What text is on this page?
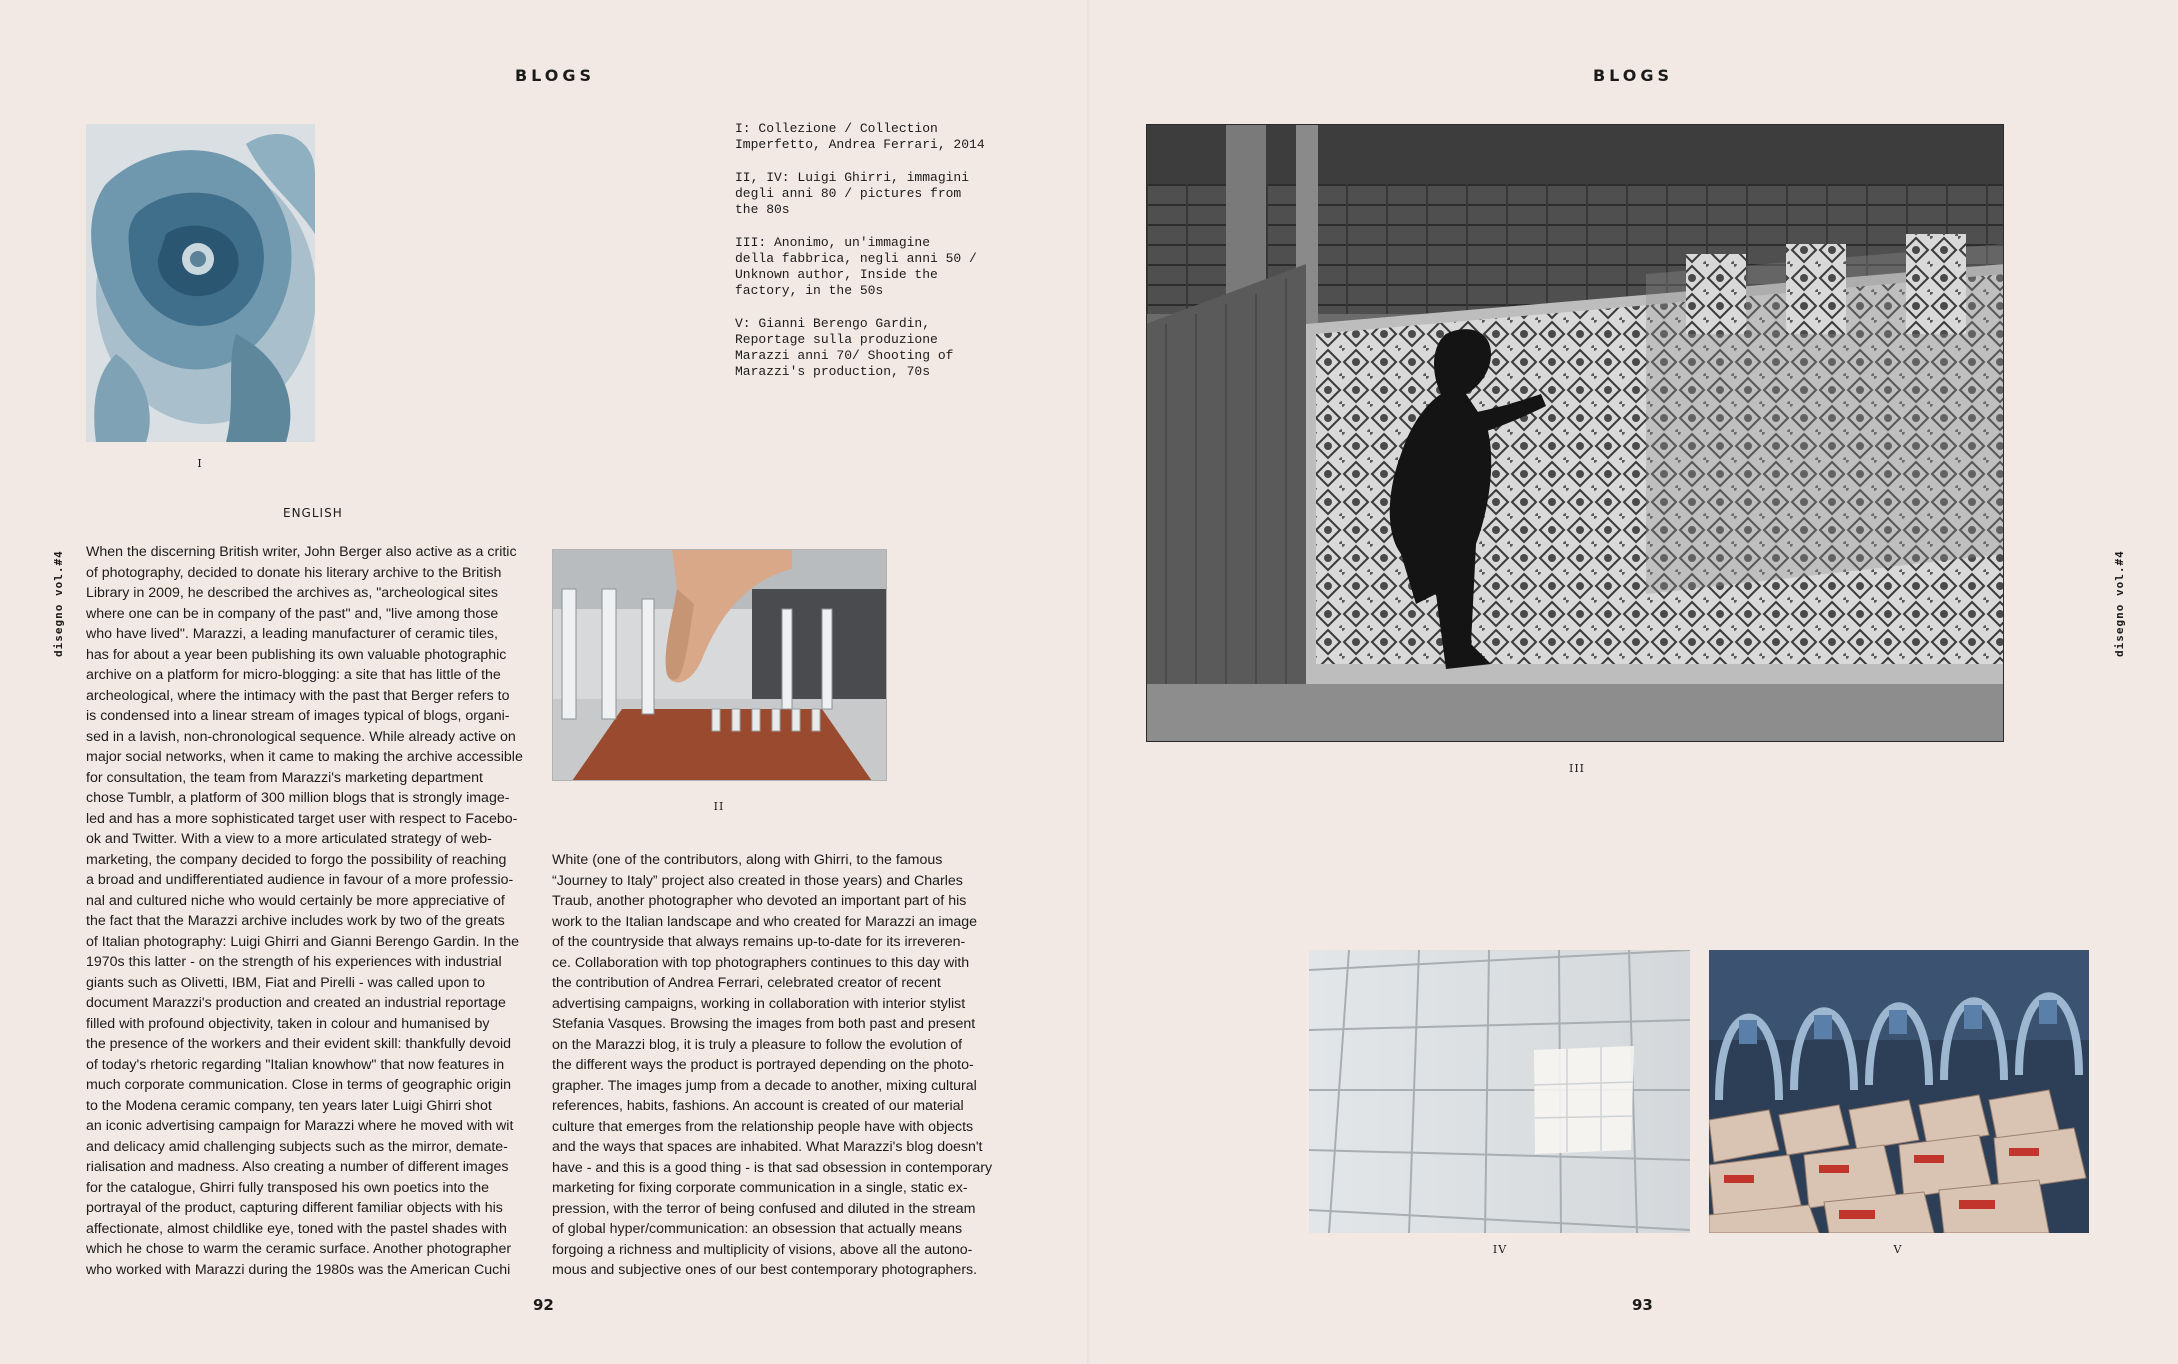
BLOGS
disegno vol.#4
I

I: Collezione / Collection
Imperfetto, Andrea Ferrari, 2014

II, IV: Luigi Ghirri, immagini
degli anni 80 / pictures from
the 80s

III: Anonimo, un'immagine
della fabbrica, negli anni 50 /
Unknown author, Inside the
factory, in the 50s

V: Gianni Berengo Gardin,
Reportage sulla produzione
Marazzi anni 70/ Shooting of
Marazzi's production, 70s

ENGLISH

When the discerning British writer, John Berger also active as a critic
of photography, decided to donate his literary archive to the British
Library in 2009, he described the archives as, "archeological sites
where one can be in company of the past" and, "live among those
who have lived". Marazzi, a leading manufacturer of ceramic tiles,
has for about a year been publishing its own valuable photographic
archive on a platform for micro-blogging: a site that has little of the
archeological, where the intimacy with the past that Berger refers to
is condensed into a linear stream of images typical of blogs, organi-
sed in a lavish, non-chronological sequence. While already active on
major social networks, when it came to making the archive accessible
for consultation, the team from Marazzi's marketing department
chose Tumblr, a platform of 300 million blogs that is strongly image-
led and has a more sophisticated target user with respect to Facebo-
ok and Twitter. With a view to a more articulated strategy of web-
marketing, the company decided to forgo the possibility of reaching
a broad and undifferentiated audience in favour of a more professio-
nal and cultured niche who would certainly be more appreciative of
the fact that the Marazzi archive includes work by two of the greats
of Italian photography: Luigi Ghirri and Gianni Berengo Gardin. In the
1970s this latter - on the strength of his experiences with industrial
giants such as Olivetti, IBM, Fiat and Pirelli - was called upon to
document Marazzi's production and created an industrial reportage
filled with profound objectivity, taken in colour and humanised by
the presence of the workers and their evident skill: thankfully devoid
of today's rhetoric regarding "Italian knowhow" that now features in
much corporate communication. Close in terms of geographic origin
to the Modena ceramic company, ten years later Luigi Ghirri shot
an iconic advertising campaign for Marazzi where he moved with wit
and delicacy amid challenging subjects such as the mirror, demate-
rialisation and madness. Also creating a number of different images
for the catalogue, Ghirri fully transposed his own poetics into the
portrayal of the product, capturing different familiar objects with his
affectionate, almost childlike eye, toned with the pastel shades with
which he chose to warm the ceramic surface. Another photographer
who worked with Marazzi during the 1980s was the American Cuchi

II

White (one of the contributors, along with Ghirri, to the famous
“Journey to Italy” project also created in those years) and Charles
Traub, another photographer who devoted an important part of his
work to the Italian landscape and who created for Marazzi an image
of the countryside that always remains up-to-date for its irreveren-
ce. Collaboration with top photographers continues to this day with
the contribution of Andrea Ferrari, celebrated creator of recent
advertising campaigns, working in collaboration with interior stylist
Stefania Vasques. Browsing the images from both past and present
on the Marazzi blog, it is truly a pleasure to follow the evolution of
the different ways the product is portrayed depending on the photo-
grapher. The images jump from a decade to another, mixing cultural
references, habits, fashions. An account is created of our material
culture that emerges from the relationship people have with objects
and the ways that spaces are inhabited. What Marazzi's blog doesn't
have - and this is a good thing - is that sad obsession in contemporary
marketing for fixing corporate communication in a single, static ex-
pression, with the terror of being confused and diluted in the stream
of global hyper/communication: an obsession that actually means
forgoing a richness and multiplicity of visions, above all the autono-
mous and subjective ones of our best contemporary photographers.

92
BLOGS
disegno vol.#4
III
IV	V
93
